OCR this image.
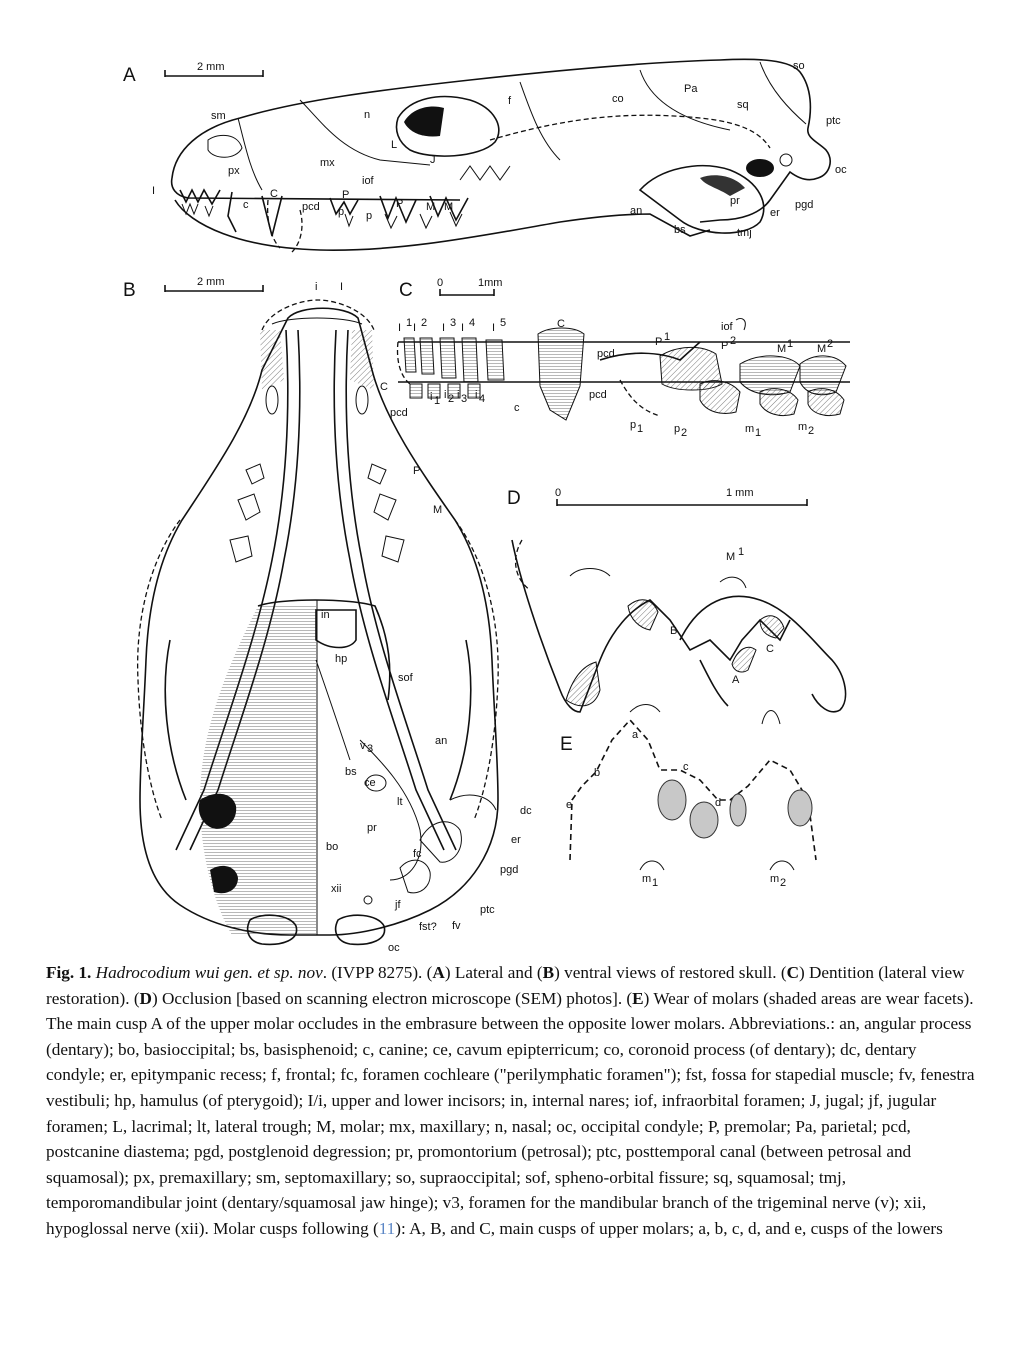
A	2 mm
I
so
sm	n
f	co
Pa
sq
ptc
oc
px
mx
L
J
iof
C
c	pcd
P
P
p p
M M	pr
er
pgd
an
bs	tmj
B	2 mm	i I
C
pcd
P
M
in
hp
sof
v 3
an
bs
ce
lt
pr
bo
fc
dc
er
pgd
xii
jf
fst? fv
ptc
oc
C 0	1mm
I 1 I 2 I 3 I 4 I 5	C	iof
P 1
P 2
M 1 M 2
pcd
pcd
i 1 i 2 i 3 i 4
c
p 1	p 2	m 1	m 2
D	0	1 mm
M 1
B
C
A
E	a
b	c
d
e
m 1	m 2
Fig. 1. Hadrocodium wui gen. et sp. nov. (IVPP 8275). (A) Lateral and (B) ventral views of restored skull. (C) Dentition (lateral view restoration). (D) Occlusion [based on scanning electron microscope (SEM) photos]. (E) Wear of molars (shaded areas are wear facets). The main cusp A of the upper molar occludes in the embrasure between the opposite lower molars. Abbreviations.: an, angular process (dentary); bo, basioccipital; bs, basisphenoid; c, canine; ce, cavum epipterricum; co, coronoid process (of dentary); dc, dentary condyle; er, epitympanic recess; f, frontal; fc, foramen cochleare ("perilymphatic foramen"); fst, fossa for stapedial muscle; fv, fenestra vestibuli; hp, hamulus (of pterygoid); I/i, upper and lower incisors; in, internal nares; iof, infraorbital foramen; J, jugal; jf, jugular foramen; L, lacrimal; lt, lateral trough; M, molar; mx, maxillary; n, nasal; oc, occipital condyle; P, premolar; Pa, parietal; pcd, postcanine diastema; pgd, postglenoid degression; pr, promontorium (petrosal); ptc, posttemporal canal (between petrosal and squamosal); px, premaxillary; sm, septomaxillary; so, supraoccipital; sof, spheno-orbital fissure; sq, squamosal; tmj, temporomandibular joint (dentary/squamosal jaw hinge); v3, foramen for the mandibular branch of the trigeminal nerve (v); xii, hypoglossal nerve (xii). Molar cusps following (11): A, B, and C, main cusps of upper molars; a, b, c, d, and e, cusps of the lowers
